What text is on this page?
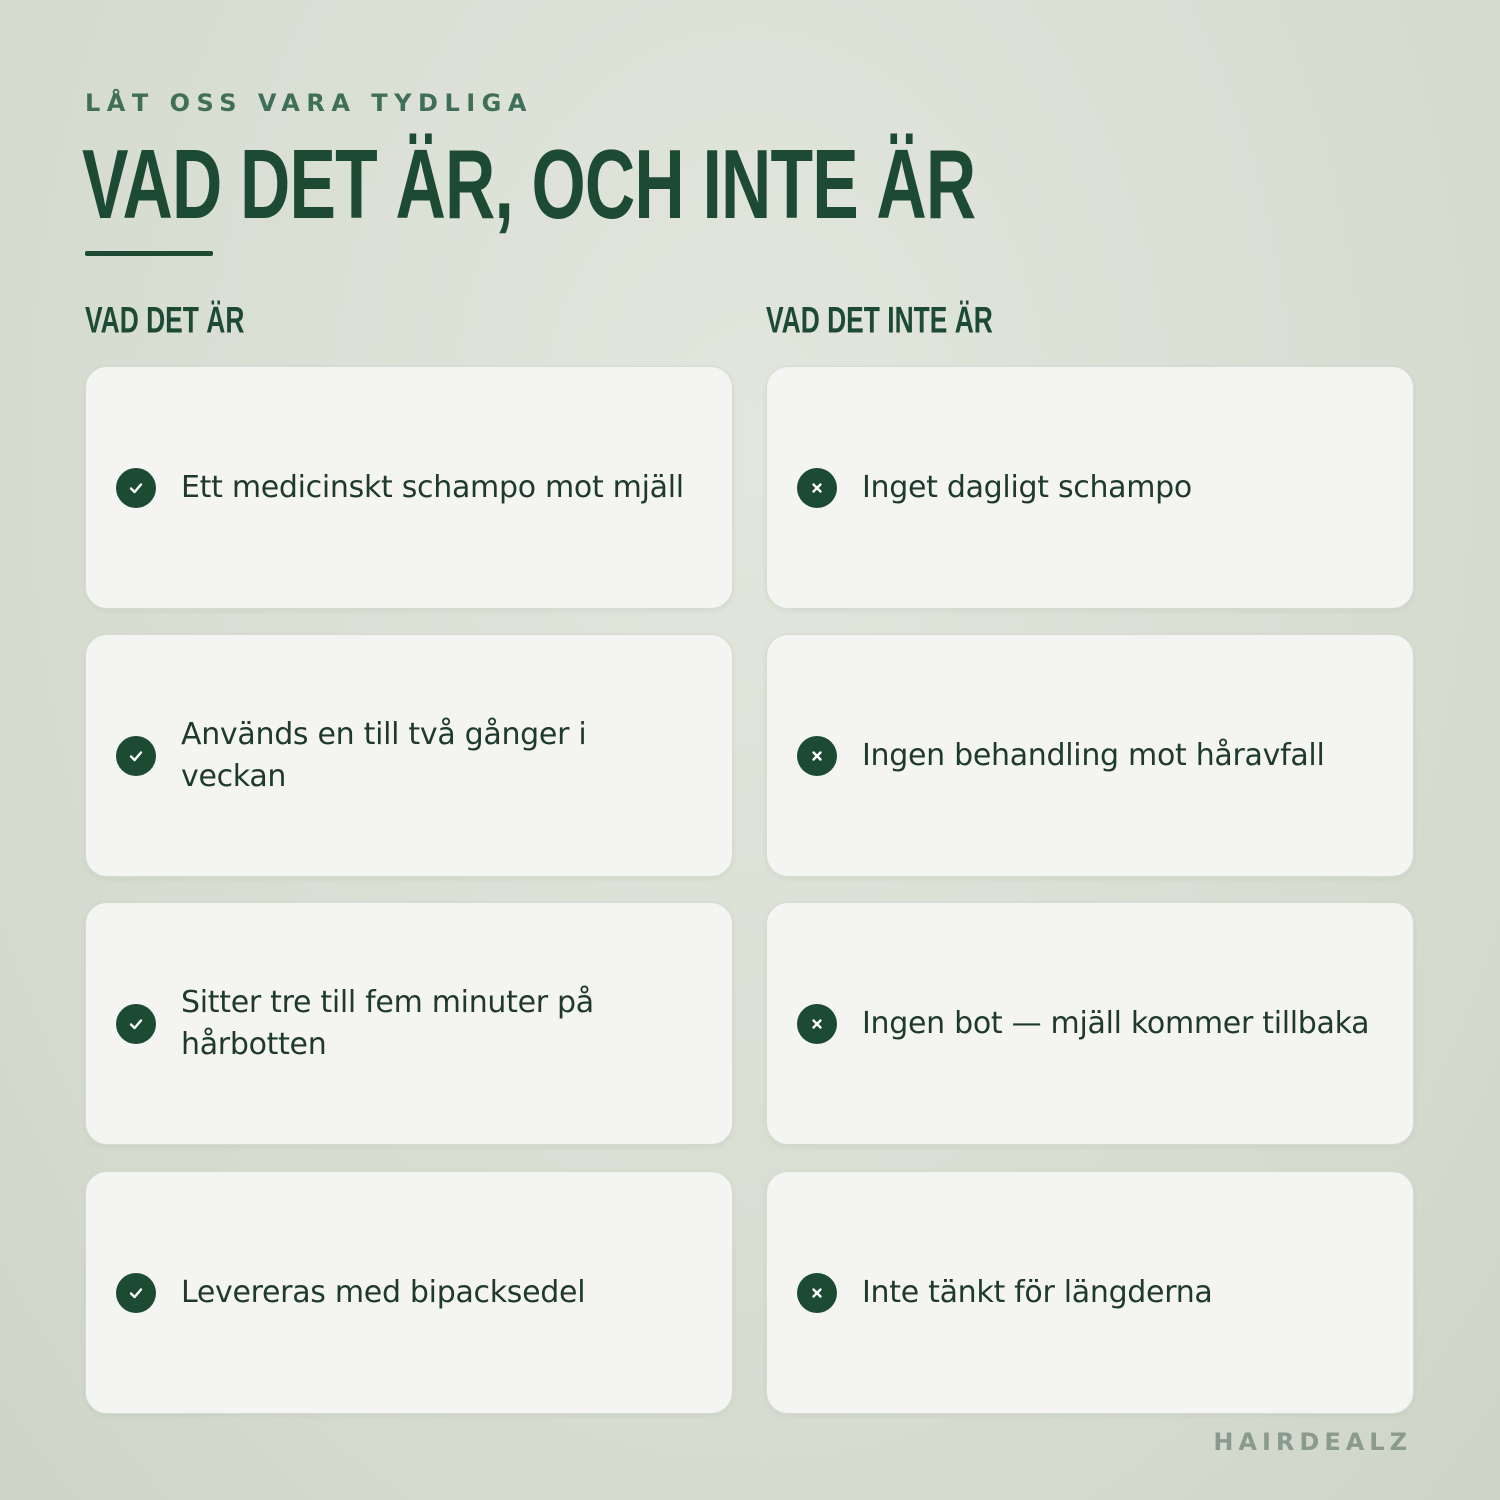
LÅT OSS VARA TYDLIGA
VAD DET ÄR, OCH INTE ÄR
VAD DET ÄR	VAD DET INTE ÄR
Ett medicinskt schampo mot mjäll
Används en till två gånger i veckan
Sitter tre till fem minuter på hårbotten
Levereras med bipacksedel
Inget dagligt schampo
Ingen behandling mot håravfall
Ingen bot — mjäll kommer tillbaka
Inte tänkt för längderna
HAIRDEALZ
